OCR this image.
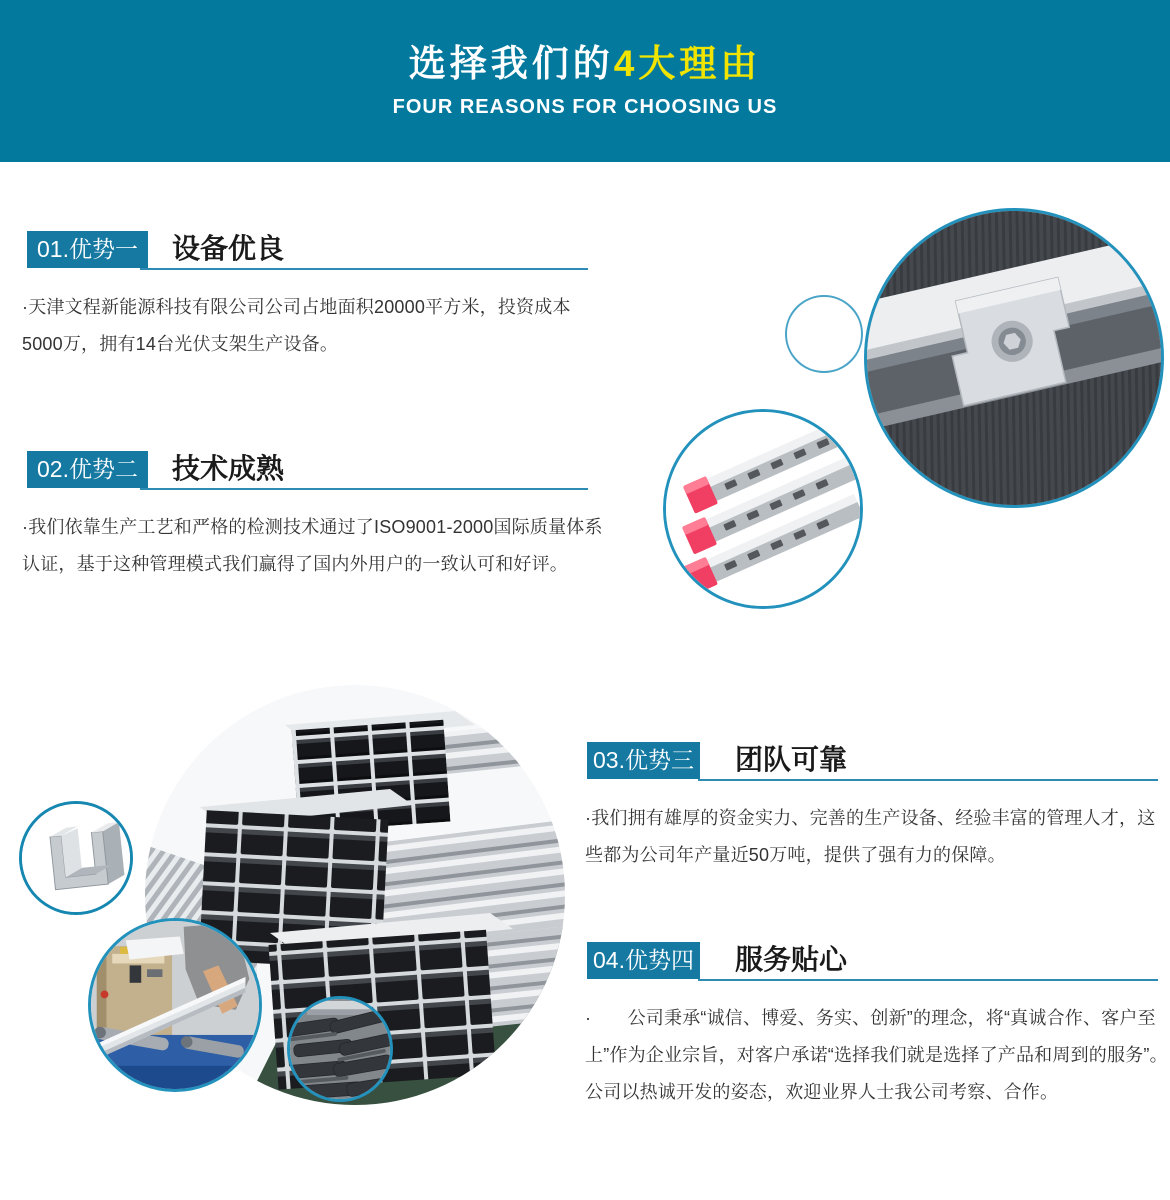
选择我们的4大理由
FOUR REASONS FOR CHOOSING US
01.优势一	设备优良

·天津文程新能源科技有限公司公司占地面积20000平方米，投资成本5000万，拥有14台光伏支架生产设备。

02.优势二	技术成熟

·我们依靠生产工艺和严格的检测技术通过了ISO9001-2000国际质量体系认证，基于这种管理模式我们赢得了国内外用户的一致认可和好评。

03.优势三 团队可靠

·我们拥有雄厚的资金实力、完善的生产设备、经验丰富的管理人才，这些都为公司年产量近50万吨，提供了强有力的保障。

04.优势四 服务贴心

·　　公司秉承“诚信、博爱、务实、创新”的理念，将“真诚合作、客户至上”作为企业宗旨，对客户承诺“选择我们就是选择了产品和周到的服务”。公司以热诚开发的姿态，欢迎业界人士我公司考察、合作。
